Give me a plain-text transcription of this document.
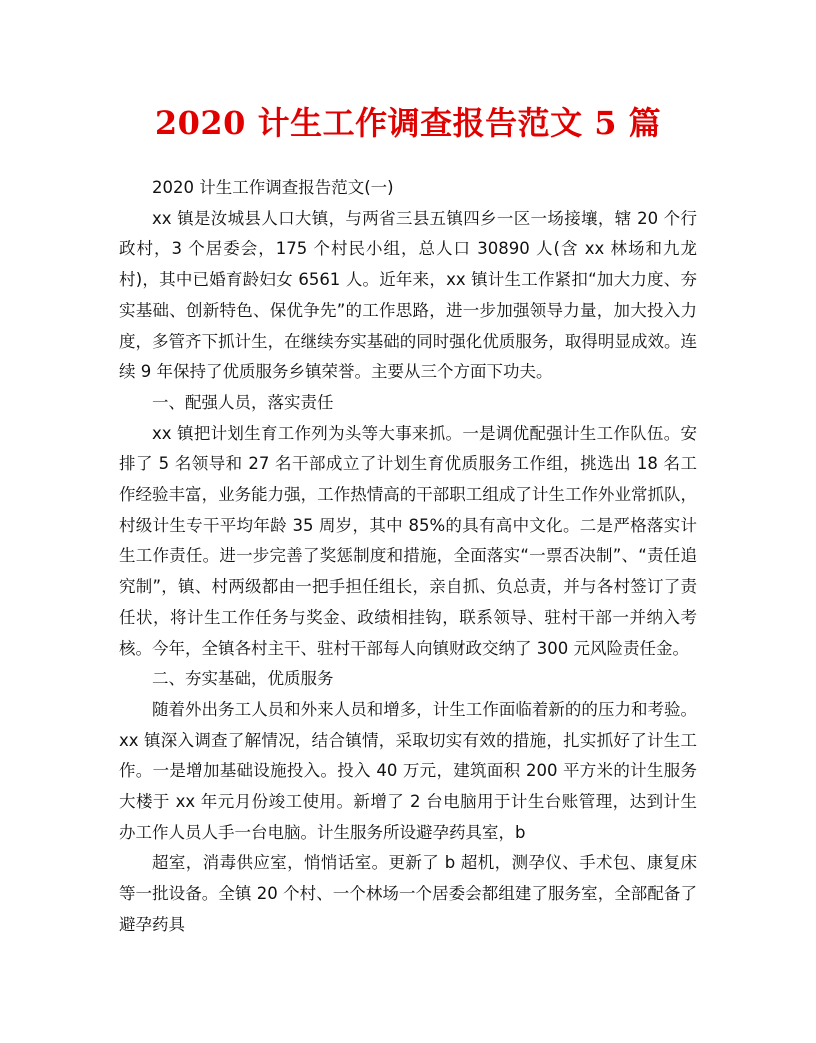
2020 计生工作调查报告范文 5 篇

2020 计生工作调查报告范文(一)

xx 镇是汝城县人口大镇，与两省三县五镇四乡一区一场接壤，辖 20 个行政村，3 个居委会，175 个村民小组，总人口 30890 人(含 xx 林场和九龙村)，其中已婚育龄妇女 6561 人。近年来，xx 镇计生工作紧扣“加大力度、夯实基础、创新特色、保优争先”的工作思路，进一步加强领导力量，加大投入力度，多管齐下抓计生，在继续夯实基础的同时强化优质服务，取得明显成效。连续 9 年保持了优质服务乡镇荣誉。主要从三个方面下功夫。

一、配强人员，落实责任

xx 镇把计划生育工作列为头等大事来抓。一是调优配强计生工作队伍。安排了 5 名领导和 27 名干部成立了计划生育优质服务工作组，挑选出 18 名工作经验丰富，业务能力强，工作热情高的干部职工组成了计生工作外业常抓队，村级计生专干平均年龄 35 周岁，其中 85%的具有高中文化。二是严格落实计生工作责任。进一步完善了奖惩制度和措施，全面落实“一票否决制”、“责任追究制”，镇、村两级都由一把手担任组长，亲自抓、负总责，并与各村签订了责任状，将计生工作任务与奖金、政绩相挂钩，联系领导、驻村干部一并纳入考核。今年，全镇各村主干、驻村干部每人向镇财政交纳了 300 元风险责任金。

二、夯实基础，优质服务

随着外出务工人员和外来人员和增多，计生工作面临着新的的压力和考验。xx 镇深入调查了解情况，结合镇情，采取切实有效的措施，扎实抓好了计生工作。一是增加基础设施投入。投入 40 万元，建筑面积 200 平方米的计生服务大楼于 xx 年元月份竣工使用。新增了 2 台电脑用于计生台账管理，达到计生办工作人员人手一台电脑。计生服务所设避孕药具室，b

超室，消毒供应室，悄悄话室。更新了 b 超机，测孕仪、手术包、康复床等一批设备。全镇 20 个村、一个林场一个居委会都组建了服务室，全部配备了避孕药具
